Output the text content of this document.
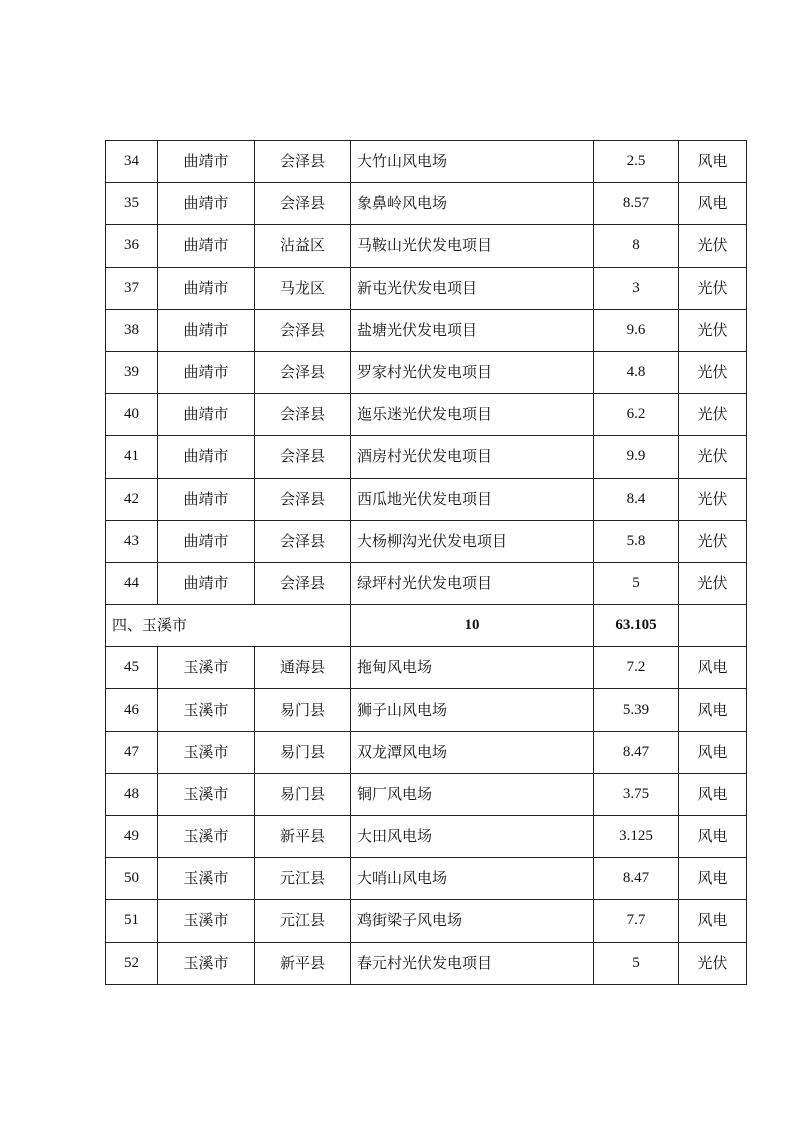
34	曲靖市	会泽县	大竹山风电场	2.5	风电
35	曲靖市	会泽县	象鼻岭风电场	8.57	风电
36	曲靖市	沾益区	马鞍山光伏发电项目	8	光伏
37	曲靖市	马龙区	新屯光伏发电项目	3	光伏
38	曲靖市	会泽县	盐塘光伏发电项目	9.6	光伏
39	曲靖市	会泽县	罗家村光伏发电项目	4.8	光伏
40	曲靖市	会泽县	迤乐迷光伏发电项目	6.2	光伏
41	曲靖市	会泽县	酒房村光伏发电项目	9.9	光伏
42	曲靖市	会泽县	西瓜地光伏发电项目	8.4	光伏
43	曲靖市	会泽县	大杨柳沟光伏发电项目	5.8	光伏
44	曲靖市	会泽县	绿坪村光伏发电项目	5	光伏
四、玉溪市			10	63.105	
45	玉溪市	通海县	拖甸风电场	7.2	风电
46	玉溪市	易门县	狮子山风电场	5.39	风电
47	玉溪市	易门县	双龙潭风电场	8.47	风电
48	玉溪市	易门县	铜厂风电场	3.75	风电
49	玉溪市	新平县	大田风电场	3.125	风电
50	玉溪市	元江县	大哨山风电场	8.47	风电
51	玉溪市	元江县	鸡街梁子风电场	7.7	风电
52	玉溪市	新平县	春元村光伏发电项目	5	光伏
